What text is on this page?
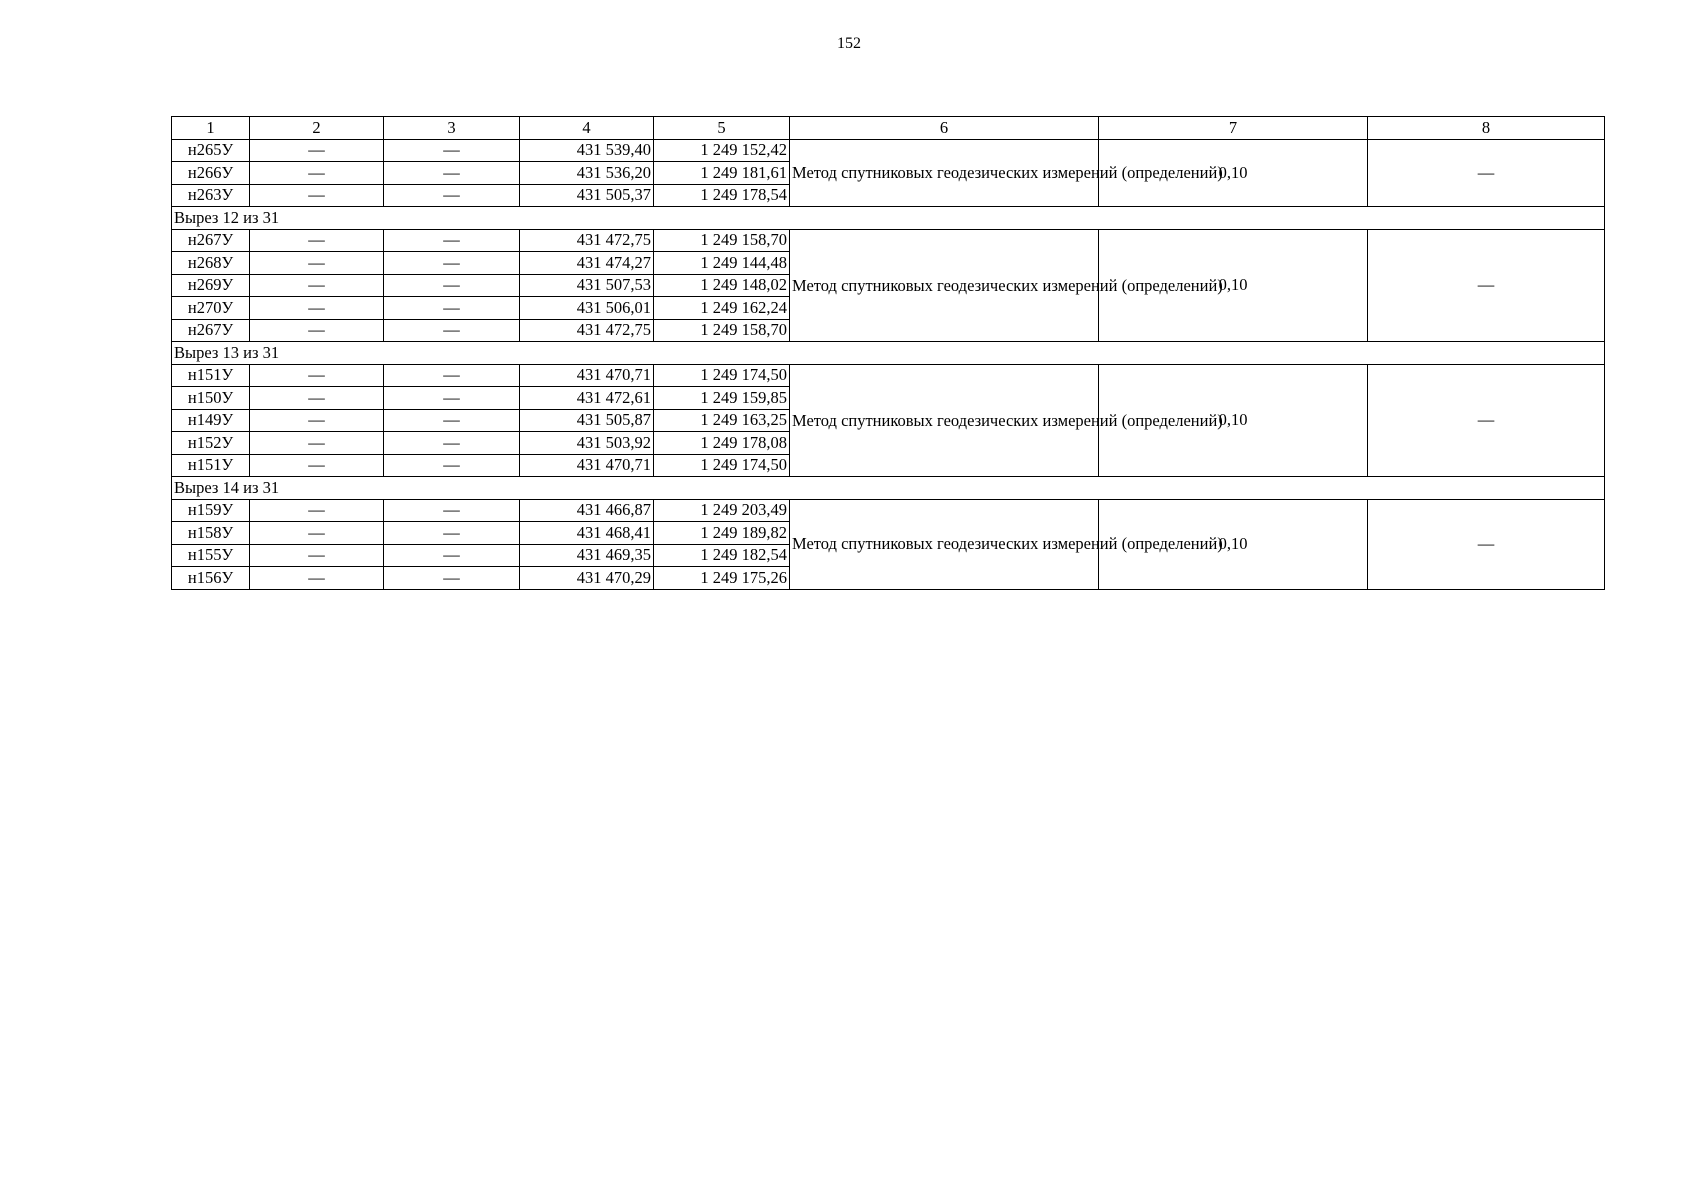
152
1	2	3	4	5	6	7	8
н265У	—	—	431 539,40	1 249 152,42	Метод спутниковых геодезических измерений (определений)	0,10	—
н266У	—	—	431 536,20	1 249 181,61			
н263У	—	—	431 505,37	1 249 178,54			
Вырез 12 из 31							
н267У	—	—	431 472,75	1 249 158,70	Метод спутниковых геодезических измерений (определений)	0,10	—
н268У	—	—	431 474,27	1 249 144,48			
н269У	—	—	431 507,53	1 249 148,02			
н270У	—	—	431 506,01	1 249 162,24			
н267У	—	—	431 472,75	1 249 158,70			
Вырез 13 из 31							
н151У	—	—	431 470,71	1 249 174,50	Метод спутниковых геодезических измерений (определений)	0,10	—
н150У	—	—	431 472,61	1 249 159,85			
н149У	—	—	431 505,87	1 249 163,25			
н152У	—	—	431 503,92	1 249 178,08			
н151У	—	—	431 470,71	1 249 174,50			
Вырез 14 из 31							
н159У	—	—	431 466,87	1 249 203,49	Метод спутниковых геодезических измерений (определений)	0,10	—
н158У	—	—	431 468,41	1 249 189,82			
н155У	—	—	431 469,35	1 249 182,54			
н156У	—	—	431 470,29	1 249 175,26			
